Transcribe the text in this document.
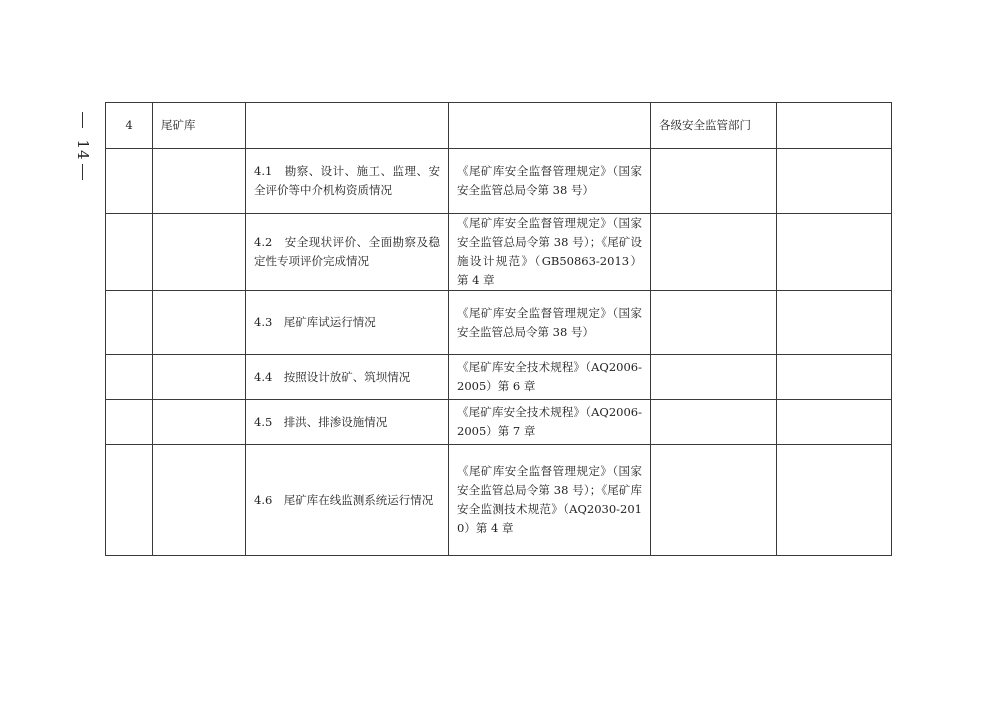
14
4	尾矿库			各级安全监管部门	
		4.1　勘察、设计、施工、监理、安全评价等中介机构资质情况	《尾矿库安全监督管理规定》（国家安全监管总局令第 38 号）		
		4.2　安全现状评价、全面勘察及稳定性专项评价完成情况	《尾矿库安全监督管理规定》（国家安全监管总局令第 38 号）；《尾矿设施设计规范》（GB50863-2013）第 4 章		
		4.3　尾矿库试运行情况	《尾矿库安全监督管理规定》（国家安全监管总局令第 38 号）		
		4.4　按照设计放矿、筑坝情况	《尾矿库安全技术规程》（AQ2006-2005）第 6 章		
		4.5　排洪、排渗设施情况	《尾矿库安全技术规程》（AQ2006-2005）第 7 章		
		4.6　尾矿库在线监测系统运行情况	《尾矿库安全监督管理规定》（国家安全监管总局令第 38 号）；《尾矿库安全监测技术规范》（AQ2030-2010）第 4 章		
